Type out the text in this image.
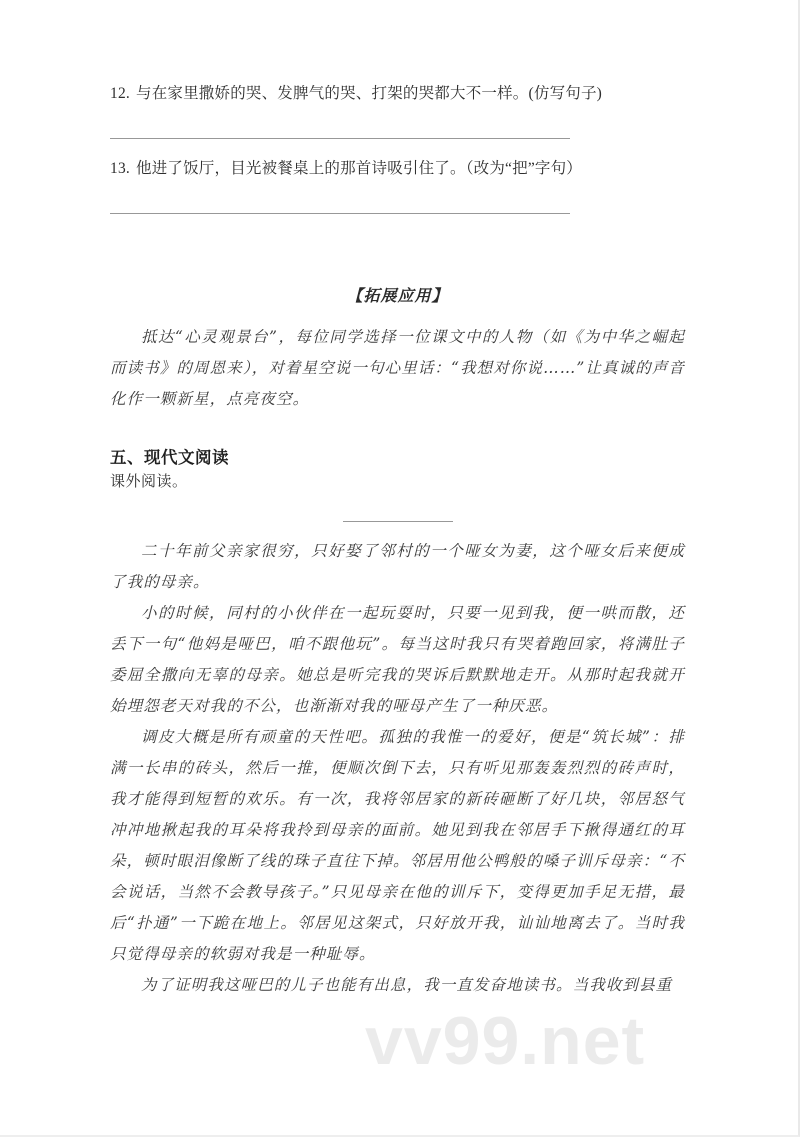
12. 与在家里撒娇的哭、发脾气的哭、打架的哭都大不一样。(仿写句子)
13. 他进了饭厅，目光被餐桌上的那首诗吸引住了。（改为“把”字句）
【拓展应用】
抵达“心灵观景台”，每位同学选择一位课文中的人物（如《为中华之崛起而读书》的周恩来），对着星空说一句心里话：“我想对你说……”让真诚的声音化作一颗新星，点亮夜空。
五、现代文阅读
课外阅读。
二十年前父亲家很穷，只好娶了邻村的一个哑女为妻，这个哑女后来便成了我的母亲。
小的时候，同村的小伙伴在一起玩耍时，只要一见到我，便一哄而散，还丢下一句“他妈是哑巴，咱不跟他玩”。每当这时我只有哭着跑回家，将满肚子委屈全撒向无辜的母亲。她总是听完我的哭诉后默默地走开。从那时起我就开始埋怨老天对我的不公，也渐渐对我的哑母产生了一种厌恶。
调皮大概是所有顽童的天性吧。孤独的我惟一的爱好，便是“筑长城”：排满一长串的砖头，然后一推，便顺次倒下去，只有听见那轰轰烈烈的砖声时，我才能得到短暂的欢乐。有一次，我将邻居家的新砖砸断了好几块，邻居怒气冲冲地揪起我的耳朵将我拎到母亲的面前。她见到我在邻居手下揪得通红的耳朵，顿时眼泪像断了线的珠子直往下掉。邻居用他公鸭般的嗓子训斥母亲：“不会说话，当然不会教导孩子。”只见母亲在他的训斥下，变得更加手足无措，最后“扑通”一下跪在地上。邻居见这架式，只好放开我，讪讪地离去了。当时我只觉得母亲的软弱对我是一种耻辱。
为了证明我这哑巴的儿子也能有出息，我一直发奋地读书。当我收到县重
vv99.net
